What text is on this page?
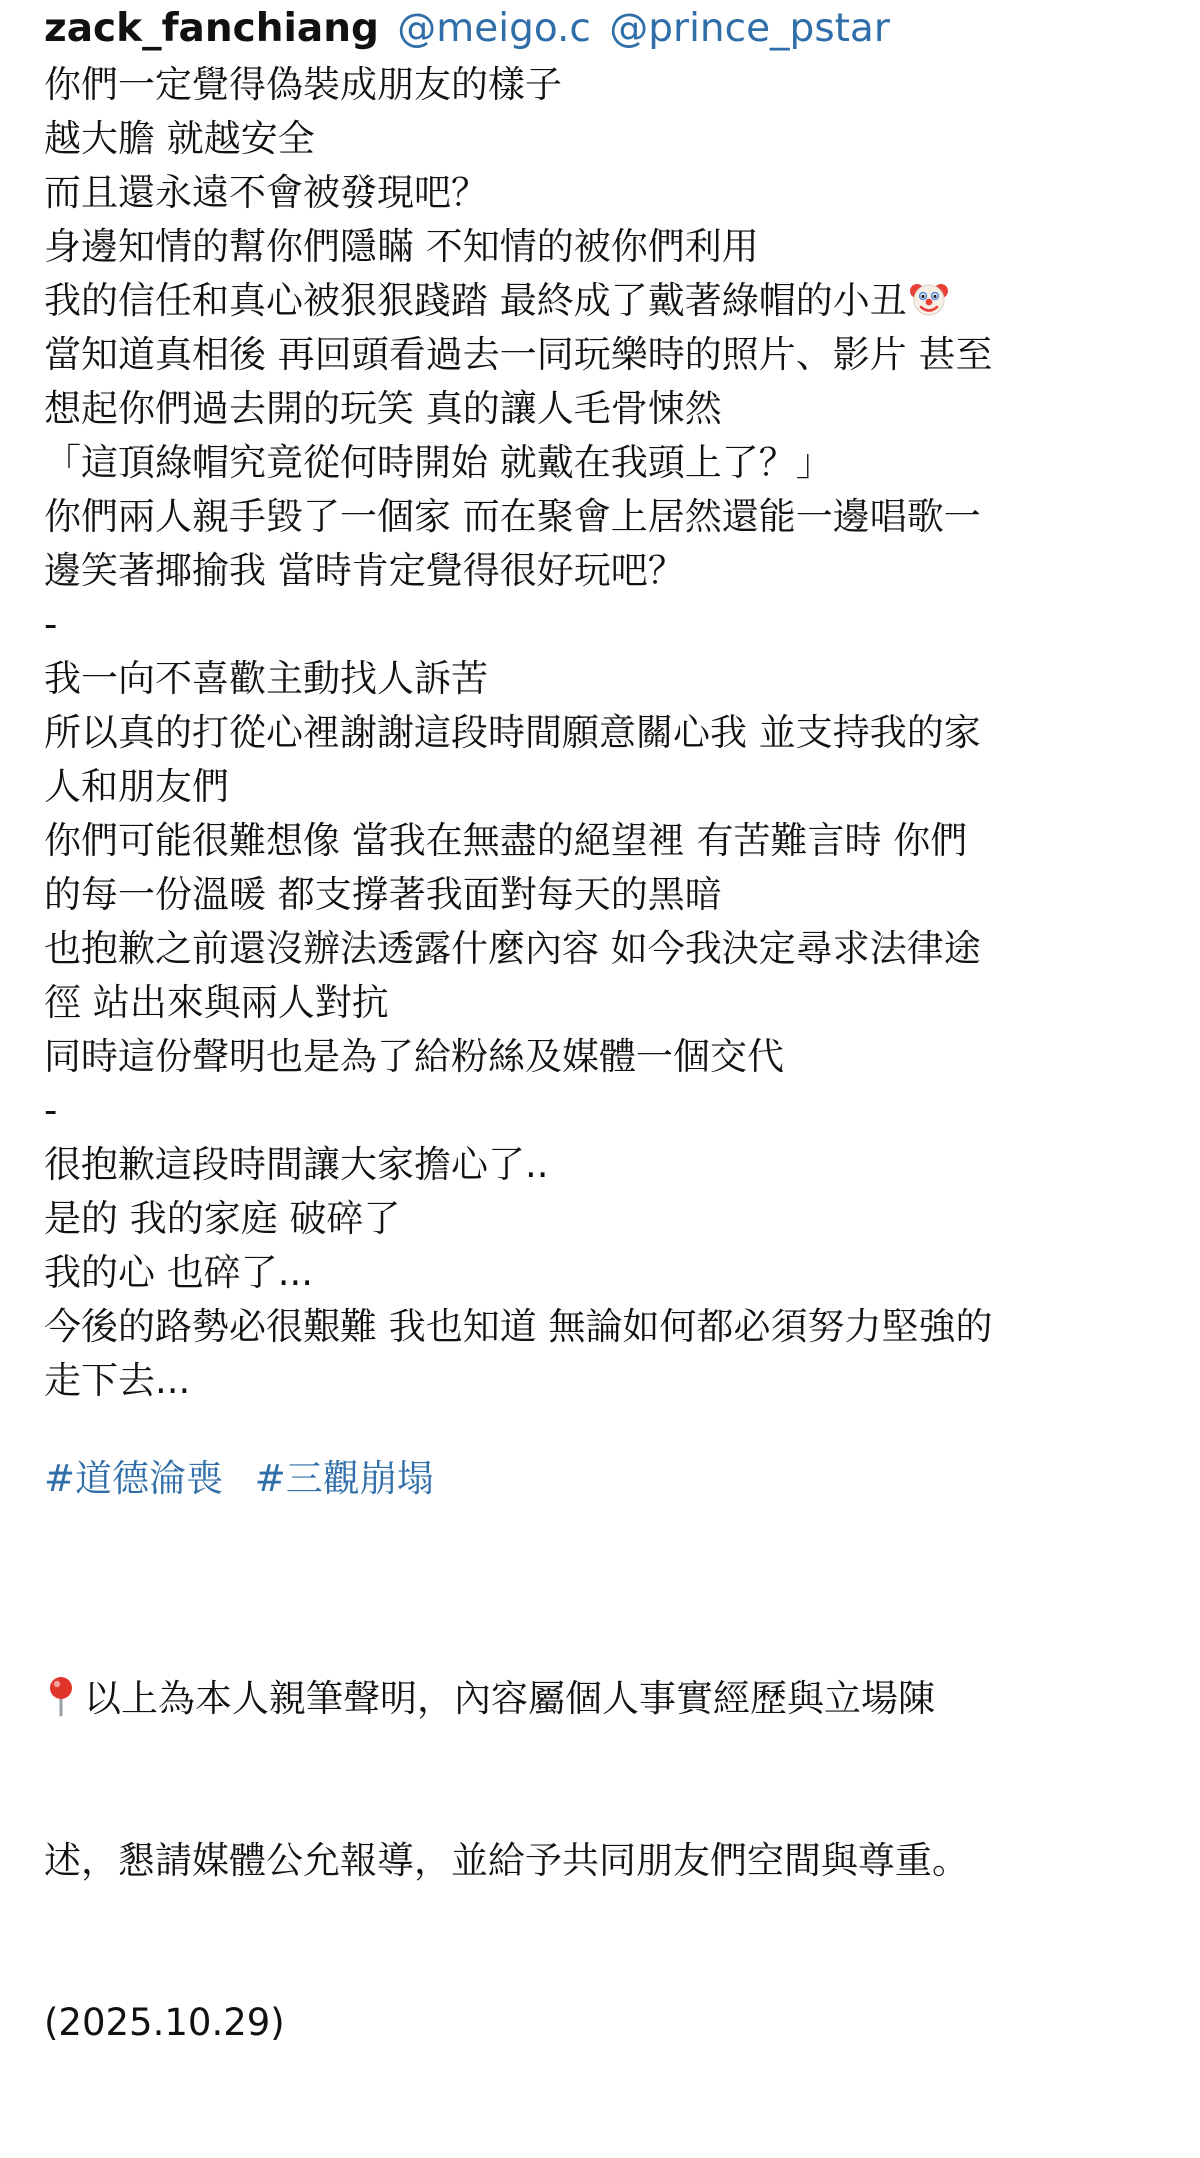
zack_fanchiang @meigo.c @prince_pstar
你們一定覺得偽裝成朋友的樣子
越大膽 就越安全
而且還永遠不會被發現吧？
身邊知情的幫你們隱瞞 不知情的被你們利用
我的信任和真心被狠狠踐踏 最終成了戴著綠帽的小丑
當知道真相後 再回頭看過去一同玩樂時的照片、影片 甚至
想起你們過去開的玩笑 真的讓人毛骨悚然
「這頂綠帽究竟從何時開始 就戴在我頭上了？」
你們兩人親手毀了一個家 而在聚會上居然還能一邊唱歌一
邊笑著揶揄我 當時肯定覺得很好玩吧？
-
我一向不喜歡主動找人訴苦
所以真的打從心裡謝謝這段時間願意關心我 並支持我的家
人和朋友們
你們可能很難想像 當我在無盡的絕望裡 有苦難言時 你們
的每一份溫暖 都支撐著我面對每天的黑暗
也抱歉之前還沒辦法透露什麼內容 如今我決定尋求法律途
徑 站出來與兩人對抗
同時這份聲明也是為了給粉絲及媒體一個交代
-
很抱歉這段時間讓大家擔心了..
是的 我的家庭 破碎了
我的心 也碎了...
今後的路勢必很艱難 我也知道 無論如何都必須努力堅強的
走下去...
#道德淪喪 #三觀崩塌

以上為本人親筆聲明，內容屬個人事實經歷與立場陳

述，懇請媒體公允報導，並給予共同朋友們空間與尊重。

(2025.10.29)
